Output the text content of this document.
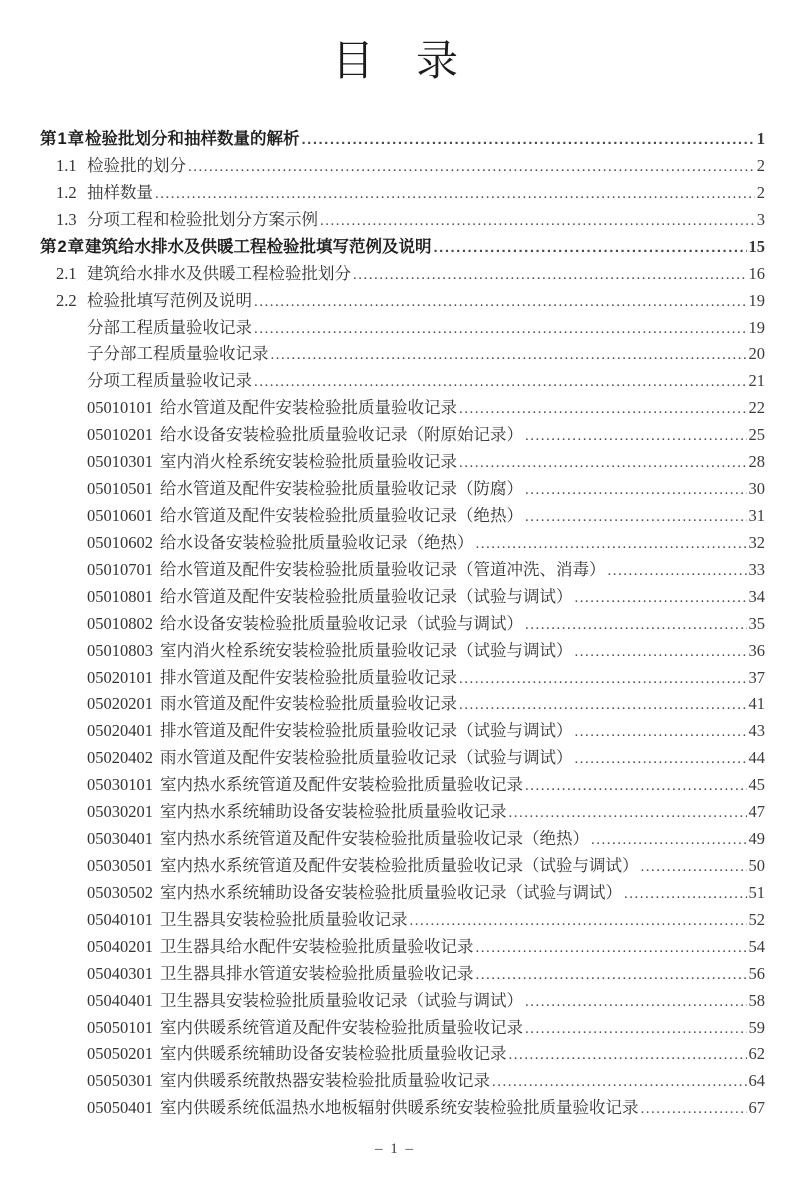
目　录
第1章 检验批划分和抽样数量的解析 .....	1
1.1 检验批的划分 .....	2
1.2 抽样数量 .....	2
1.3 分项工程和检验批划分方案示例 .....	3
第2章 建筑给水排水及供暖工程检验批填写范例及说明 .....	15
2.1 建筑给水排水及供暖工程检验批划分 .....	16
2.2 检验批填写范例及说明 .....	19
分部工程质量验收记录 .....	19
子分部工程质量验收记录 .....	20
分项工程质量验收记录 .....	21
05010101 给水管道及配件安装检验批质量验收记录 .....	22
05010201 给水设备安装检验批质量验收记录（附原始记录） .....	25
05010301 室内消火栓系统安装检验批质量验收记录 .....	28
05010501 给水管道及配件安装检验批质量验收记录（防腐） .....	30
05010601 给水管道及配件安装检验批质量验收记录（绝热） .....	31
05010602 给水设备安装检验批质量验收记录（绝热） .....	32
05010701 给水管道及配件安装检验批质量验收记录（管道冲洗、消毒） .....	33
05010801 给水管道及配件安装检验批质量验收记录（试验与调试） .....	34
05010802 给水设备安装检验批质量验收记录（试验与调试） .....	35
05010803 室内消火栓系统安装检验批质量验收记录（试验与调试） .....	36
05020101 排水管道及配件安装检验批质量验收记录 .....	37
05020201 雨水管道及配件安装检验批质量验收记录 .....	41
05020401 排水管道及配件安装检验批质量验收记录（试验与调试） .....	43
05020402 雨水管道及配件安装检验批质量验收记录（试验与调试） .....	44
05030101 室内热水系统管道及配件安装检验批质量验收记录 .....	45
05030201 室内热水系统辅助设备安装检验批质量验收记录 .....	47
05030401 室内热水系统管道及配件安装检验批质量验收记录（绝热） .....	49
05030501 室内热水系统管道及配件安装检验批质量验收记录（试验与调试） .....	50
05030502 室内热水系统辅助设备安装检验批质量验收记录（试验与调试） .....	51
05040101 卫生器具安装检验批质量验收记录 .....	52
05040201 卫生器具给水配件安装检验批质量验收记录 .....	54
05040301 卫生器具排水管道安装检验批质量验收记录 .....	56
05040401 卫生器具安装检验批质量验收记录（试验与调试） .....	58
05050101 室内供暖系统管道及配件安装检验批质量验收记录 .....	59
05050201 室内供暖系统辅助设备安装检验批质量验收记录 .....	62
05050301 室内供暖系统散热器安装检验批质量验收记录 .....	64
05050401 室内供暖系统低温热水地板辐射供暖系统安装检验批质量验收记录 .....	67
– 1 –
